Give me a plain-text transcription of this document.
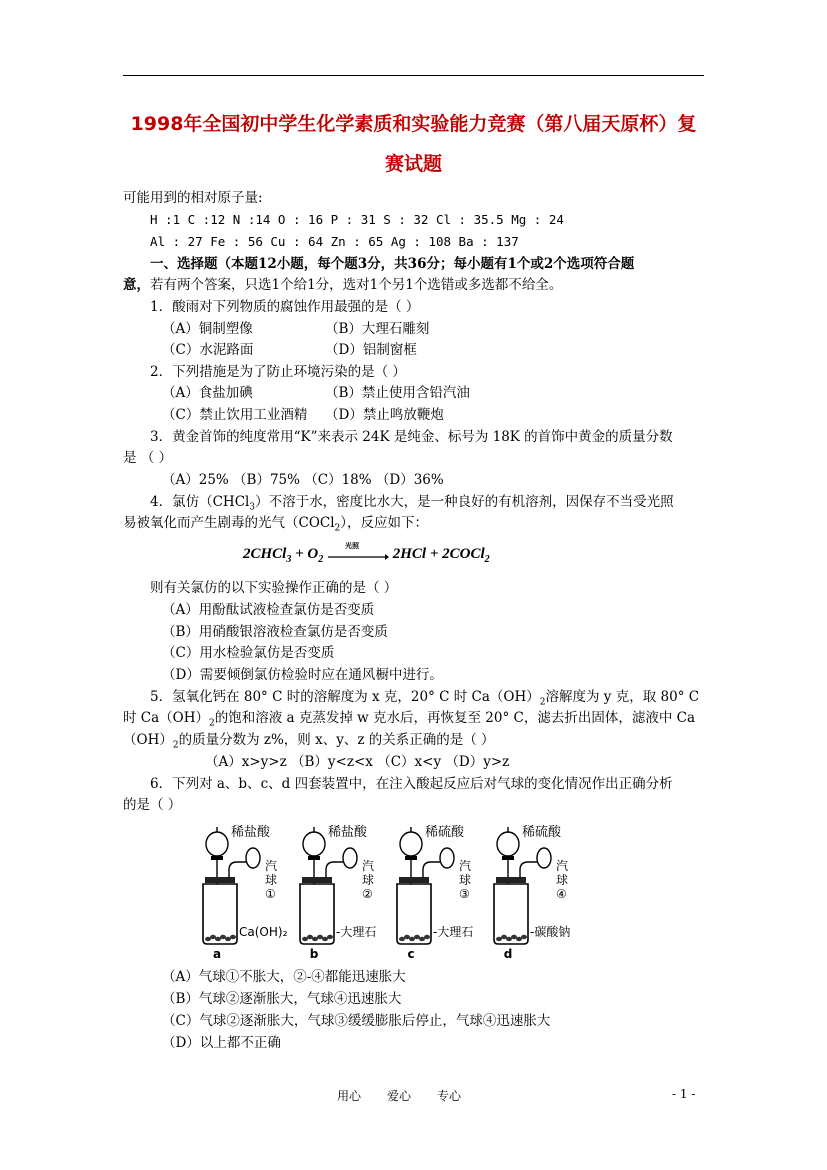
1998年全国初中学生化学素质和实验能力竞赛（第八届天原杯）复
赛试题
可能用到的相对原子量:
H :1 C :12 N :14 O : 16 P : 31 S : 32 Cl : 35.5 Mg : 24
Al : 27 Fe : 56 Cu : 64 Zn : 65 Ag : 108 Ba : 137
一、选择题（本题12小题，每个题3分，共36分；每小题有1个或2个选项符合题
意，若有两个答案，只选1个给1分，选对1个另1个选错或多选都不给全。
1．酸雨对下列物质的腐蚀作用最强的是（ ）
（A）铜制塑像	（B）大理石雕刻
（C）水泥路面	（D）铝制窗框
2．下列措施是为了防止环境污染的是（ ）
（A）食盐加碘	（B）禁止使用含铅汽油
（C）禁止饮用工业酒精	（D）禁止鸣放鞭炮
3．黄金首饰的纯度常用“K”来表示 24K 是纯金、标号为 18K 的首饰中黄金的质量分数
是 （ ）
（A）25% （B）75% （C）18% （D）36%
4．氯仿（CHCl$_3$）不溶于水，密度比水大，是一种良好的有机溶剂，因保存不当受光照
易被氧化而产生剧毒的光气（COCl$_2$），反应如下：
2CHCl$_3$ + $O_2$
光照
2HCl + 2COCl$_2$
则有关氯仿的以下实验操作正确的是（ ）
（A）用酚酞试液检查氯仿是否变质
（B）用硝酸银溶液检查氯仿是否变质
（C）用水检验氯仿是否变质
（D）需要倾倒氯仿检验时应在通风橱中进行。
5．氢氧化钙在 80° C 时的溶解度为 x 克，20° C 时 $Ca(OH)_2$溶解度为 y 克，取 80° C
时 $Ca(OH)_2$的饱和溶液 a 克蒸发掉 w 克水后，再恢复至 20° C，滤去折出固体，滤液中 Ca
$(OH)_2$的质量分数为 z%，则 x、y、z 的关系正确的是（ ）
（A）x>y>z （B）y<z<x （C）x<y （D）y>z
6．下列对 a、b、c、d 四套装置中，在注入酸起反应后对气球的变化情况作出正确分析
的是（ ）
稀盐酸
汽
球
①
Ca(OH)₂
a
稀盐酸
汽
球
②
-大理石
b
稀硫酸
汽
球
③
-大理石
c
稀硫酸
汽
球
④
-碳酸钠
d
（A）气球①不胀大，②-④都能迅速胀大
（B）气球②逐渐胀大，气球④迅速胀大
（C）气球②逐渐胀大，气球③缓缓膨胀后停止，气球④迅速胀大
（D）以上都不正确
用心 爱心 专心	- 1 -
